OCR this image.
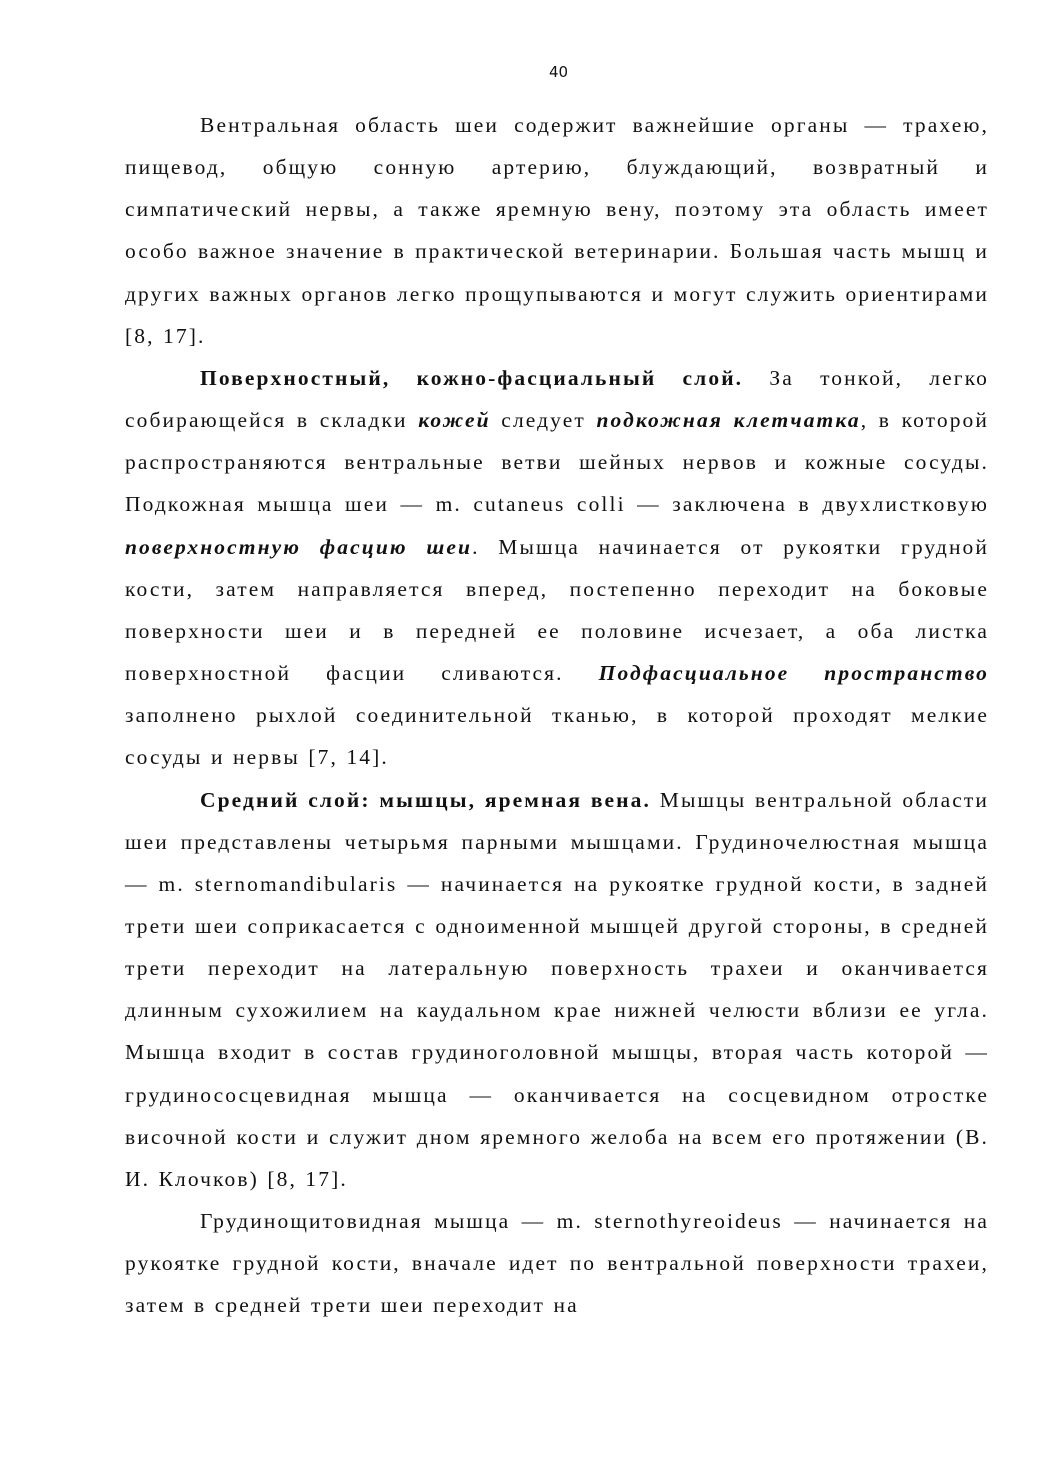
40

Вентральная область шеи содержит важнейшие органы — трахею, пищевод, общую сонную артерию, блуждающий, возвратный и симпатический нервы, а также яремную вену, поэтому эта область имеет особо важное значение в практической ветеринарии. Большая часть мышц и других важных органов легко прощупываются и могут служить ориентирами [8, 17].

Поверхностный, кожно-фасциальный слой. За тонкой, легко собирающейся в складки кожей следует подкожная клетчатка, в которой распространяются вентральные ветви шейных нервов и кожные сосуды. Подкожная мышца шеи — m. cutaneus colli — заключена в двухлистковую поверхностную фасцию шеи. Мышца начинается от рукоятки грудной кости, затем направляется вперед, постепенно переходит на боковые поверхности шеи и в передней ее половине исчезает, а оба листка поверхностной фасции сливаются. Подфасциальное пространство заполнено рыхлой соединительной тканью, в которой проходят мелкие сосуды и нервы [7, 14].

Средний слой: мышцы, яремная вена. Мышцы вентральной области шеи представлены четырьмя парными мышцами. Грудиночелюстная мышца — m. sternomandibularis — начинается на рукоятке грудной кости, в задней трети шеи соприкасается с одноименной мышцей другой стороны, в средней трети переходит на латеральную поверхность трахеи и оканчивается длинным сухожилием на каудальном крае нижней челюсти вблизи ее угла. Мышца входит в состав грудиноголовной мышцы, вторая часть которой — грудинососцевидная мышца — оканчивается на сосцевидном отростке височной кости и служит дном яремного желоба на всем его протяжении (В. И. Клочков) [8, 17].

Грудинощитовидная мышца — m. sternothyreoideus — начинается на рукоятке грудной кости, вначале идет по вентральной поверхности трахеи, затем в средней трети шеи переходит на
